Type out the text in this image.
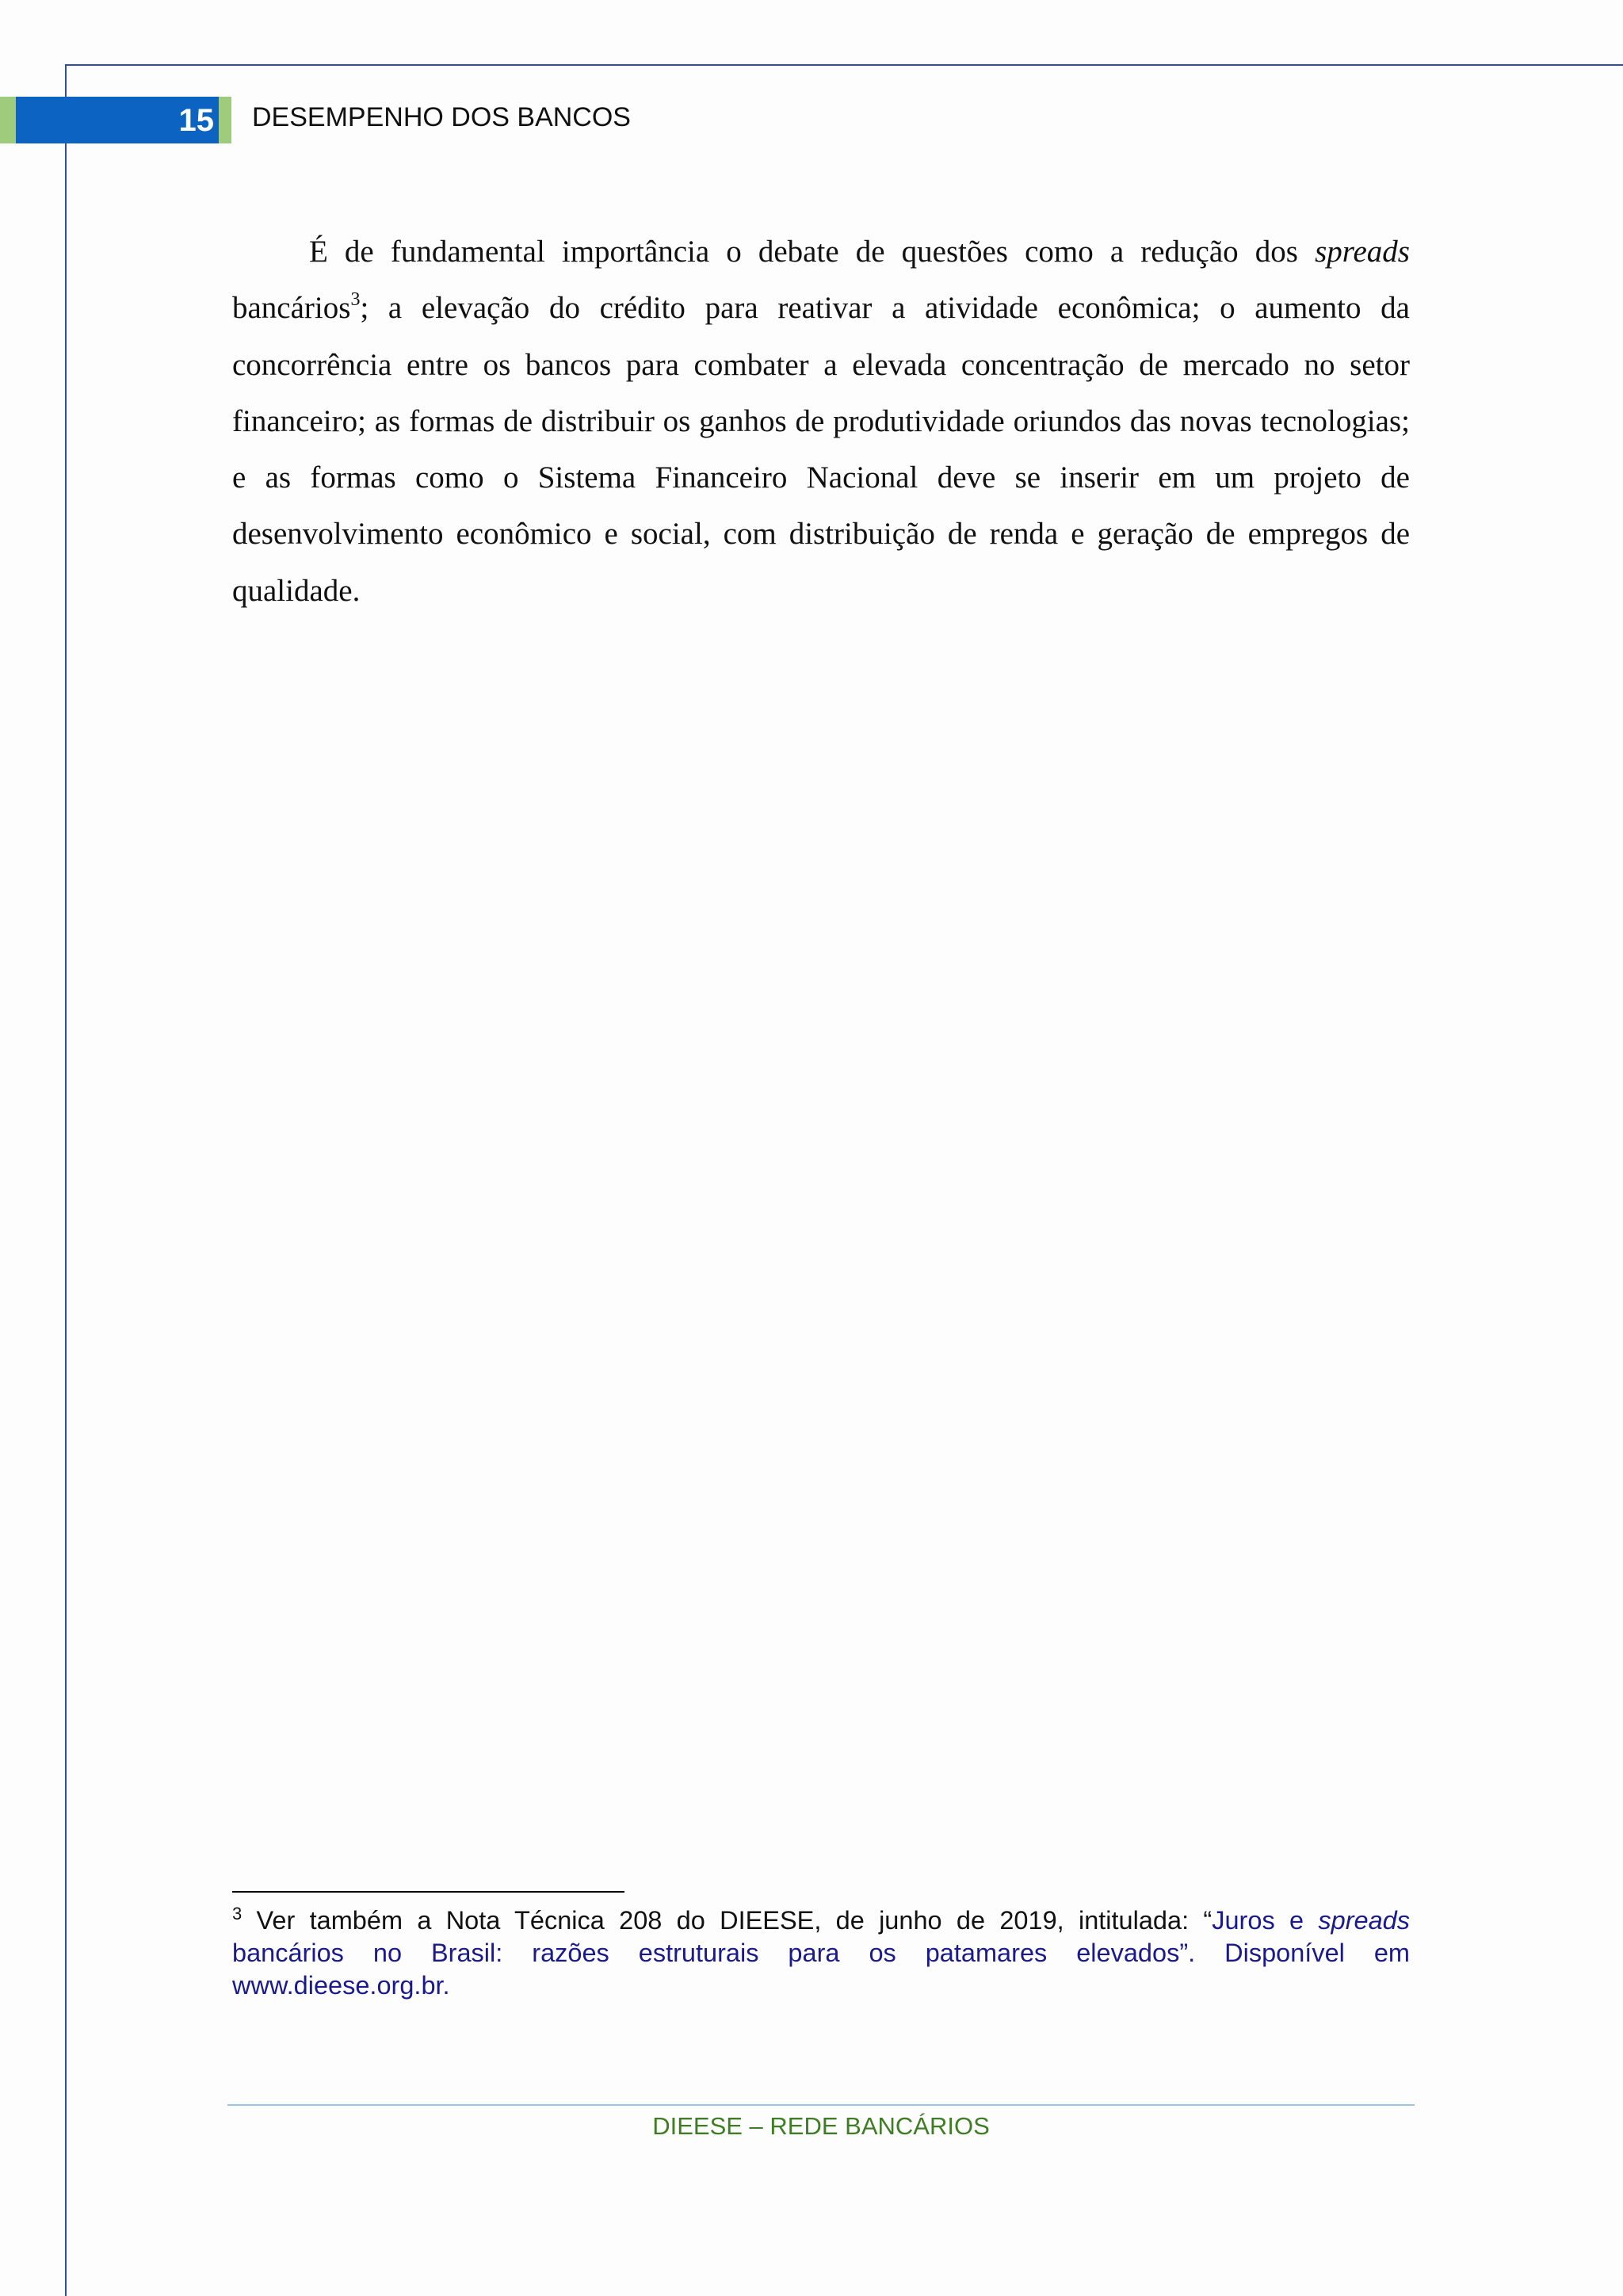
15 DESEMPENHO DOS BANCOS

É de fundamental importância o debate de questões como a redução dos spreads bancários$^3$; a elevação do crédito para reativar a atividade econômica; o aumento da concorrência entre os bancos para combater a elevada concentração de mercado no setor financeiro; as formas de distribuir os ganhos de produtividade oriundos das novas tecnologias; e as formas como o Sistema Financeiro Nacional deve se inserir em um projeto de desenvolvimento econômico e social, com distribuição de renda e geração de empregos de qualidade.

$^3$ Ver também a Nota Técnica 208 do DIEESE, de junho de 2019, intitulada: “Juros e spreads bancários no Brasil: razões estruturais para os patamares elevados”. Disponível em www.dieese.org.br.

DIEESE – REDE BANCÁRIOS
